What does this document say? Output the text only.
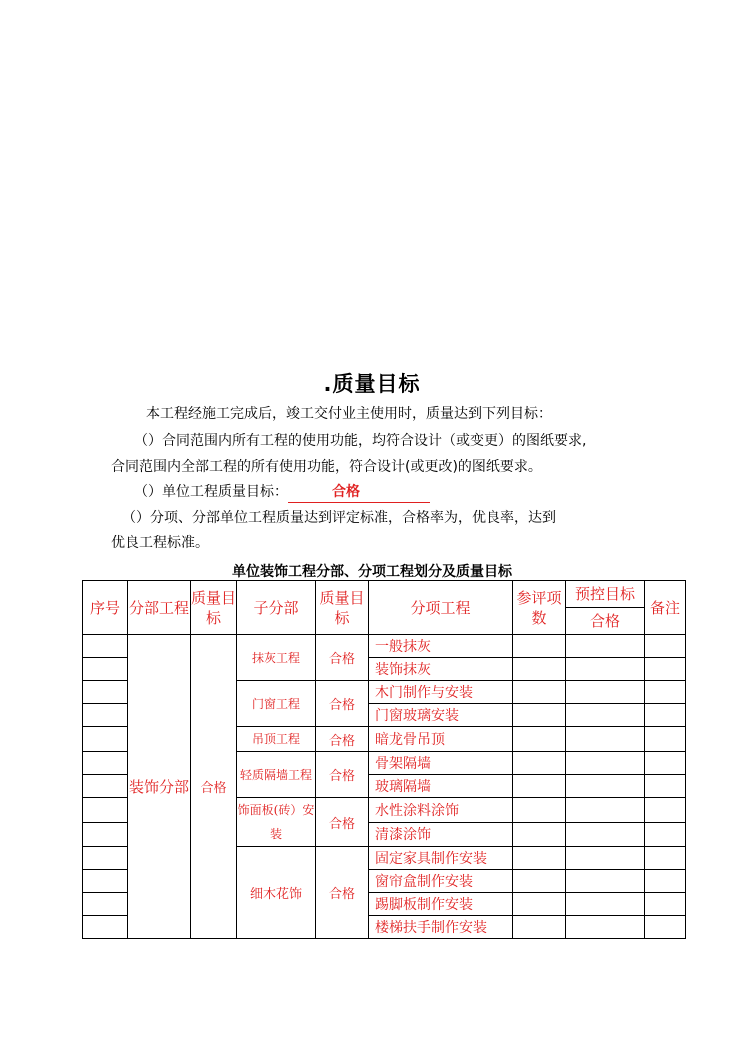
.质量目标
本工程经施工完成后，竣工交付业主使用时，质量达到下列目标：
（）合同范围内所有工程的使用功能，均符合设计（或变更）的图纸要求,
合同范围内全部工程的所有使用功能，符合设计(或更改)的图纸要求。
（）单位工程质量目标：	合格
（）分项、分部单位工程质量达到评定标准，合格率为，优良率，达到
优良工程标准。
单位装饰工程分部、分项工程划分及质量目标
序号	分部工程	质量目标	子分部	质量目标	分项工程	参评项数	预控目标	备注
							合格	
	装饰分部	合格	抹灰工程	合格	一般抹灰			
					装饰抹灰			
			门窗工程	合格	木门制作与安装			
					门窗玻璃安装			
			吊顶工程	合格	暗龙骨吊顶			
			轻质隔墙工程	合格	骨架隔墙			
					玻璃隔墙			
			饰面板(砖）安装	合格	水性涂料涂饰			
					清漆涂饰			
			细木花饰	合格	固定家具制作安装			
					窗帘盒制作安装			
					踢脚板制作安装			
					楼梯扶手制作安装			
